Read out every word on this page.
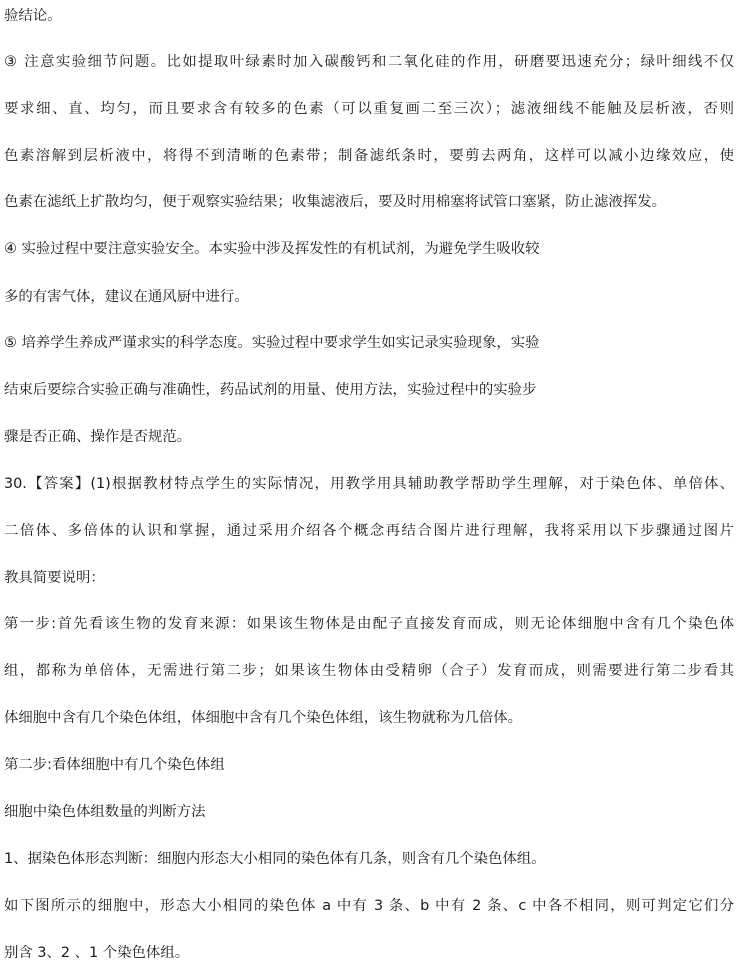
验结论。
③ 注意实验细节问题。比如提取叶绿素时加入碳酸钙和二氧化硅的作用，研磨要迅速充分；绿叶细线不仅
要求细、直、均匀，而且要求含有较多的色素（可以重复画二至三次）；滤液细线不能触及层析液，否则
色素溶解到层析液中，将得不到清晰的色素带；制备滤纸条时，要剪去两角，这样可以减小边缘效应，使
色素在滤纸上扩散均匀，便于观察实验结果；收集滤液后，要及时用棉塞将试管口塞紧，防止滤液挥发。
④ 实验过程中要注意实验安全。本实验中涉及挥发性的有机试剂，为避免学生吸收较
多的有害气体，建议在通风厨中进行。
⑤ 培养学生养成严谨求实的科学态度。实验过程中要求学生如实记录实验现象，实验
结束后要综合实验正确与准确性，药品试剂的用量、使用方法，实验过程中的实验步
骤是否正确、操作是否规范。
30.【答案】(1)根据教材特点学生的实际情况，用教学用具辅助教学帮助学生理解，对于染色体、单倍体、
二倍体、多倍体的认识和掌握，通过采用介绍各个概念再结合图片进行理解，我将采用以下步骤通过图片
教具简要说明：
第一步:首先看该生物的发育来源：如果该生物体是由配子直接发育而成，则无论体细胞中含有几个染色体
组，都称为单倍体，无需进行第二步；如果该生物体由受精卵（合子）发育而成，则需要进行第二步看其
体细胞中含有几个染色体组，体细胞中含有几个染色体组，该生物就称为几倍体。
第二步:看体细胞中有几个染色体组
细胞中染色体组数量的判断方法
1、据染色体形态判断：细胞内形态大小相同的染色体有几条，则含有几个染色体组。
如下图所示的细胞中，形态大小相同的染色体 a 中有 3 条、b 中有 2 条、c 中各不相同，则可判定它们分
别含 3、2 、1 个染色体组。
